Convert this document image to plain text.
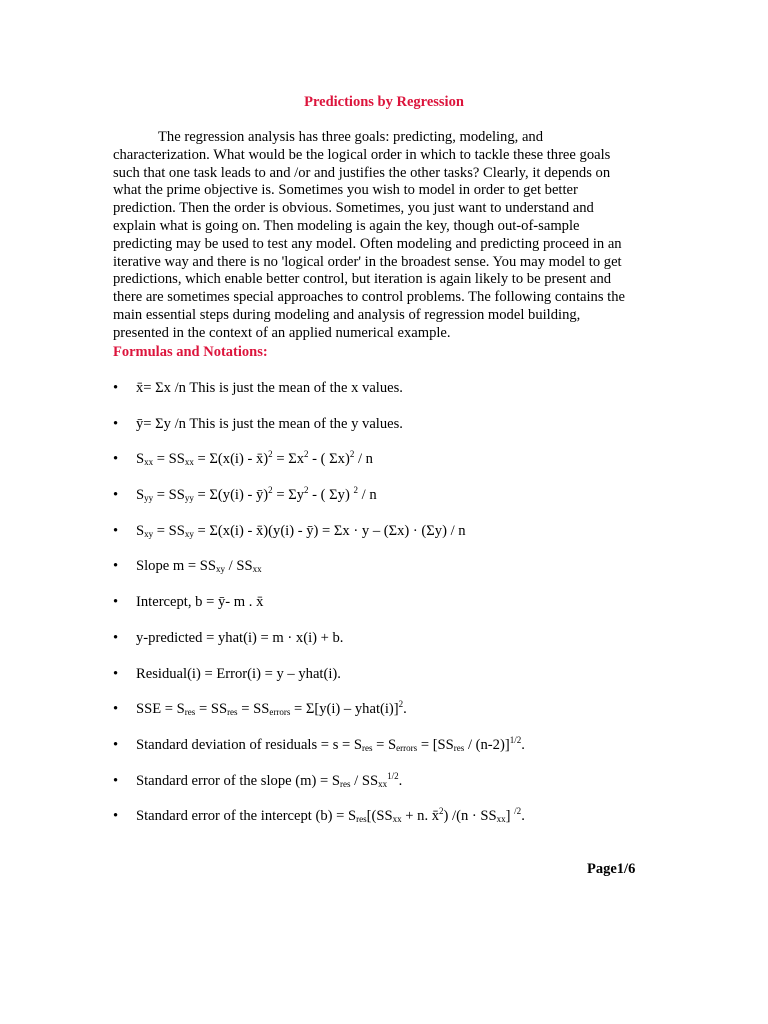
Predictions by Regression
The regression analysis has three goals: predicting, modeling, and
characterization. What would be the logical order in which to tackle these three goals
such that one task leads to and /or and justifies the other tasks? Clearly, it depends on
what the prime objective is. Sometimes you wish to model in order to get better
prediction. Then the order is obvious. Sometimes, you just want to understand and
explain what is going on. Then modeling is again the key, though out-of-sample
predicting may be used to test any model. Often modeling and predicting proceed in an
iterative way and there is no 'logical order' in the broadest sense. You may model to get
predictions, which enable better control, but iteration is again likely to be present and
there are sometimes special approaches to control problems. The following contains the
main essential steps during modeling and analysis of regression model building,
presented in the context of an applied numerical example.
Formulas and Notations:
• x̄= Σx /n This is just the mean of the x values.
• ȳ= Σy /n This is just the mean of the y values.
• $S_{xx} = SS_{xx} = \Sigma(x(i)$ - x̄)$^2$ = $\Sigma x^2$ - ( Σx)$^2$ / n
• $S_{yy} = SS_{yy} = \Sigma(y(i)$ - ȳ)$^2$ = $\Sigma y^2$ - ( Σy) $^2$ / n
• $S_{xy} = SS_{xy} = \Sigma(x(i)$ - x̄)(y(i) - ȳ) = Σx · y – (Σx) · (Σy) / n
• Slope $m = SS_{xy} / SS_{xx}$
• Intercept, b = ȳ- m . x̄
• y-predicted = yhat(i) = m · x(i) + b.
• Residual(i) = Error(i) = y – yhat(i).
• SSE = $S_{res} = SS_{res} = SS_{errors} = \Sigma[y(i)$ – yhat(i)]$^2$.
• Standard deviation of residuals = $s = S_{res} = S_{errors} = [SS_{res} / (n-2)]^{1/2}$.
• Standard error of the slope $(m) = S_{res} / SS_{xx}^{1/2}$.
• Standard error of the intercept $(b) = S_{res}[(SS_{xx} + n$. x̄$^2$) $/(n \cdot SS_{xx}]$ $^{/2}$.
Page1/6
